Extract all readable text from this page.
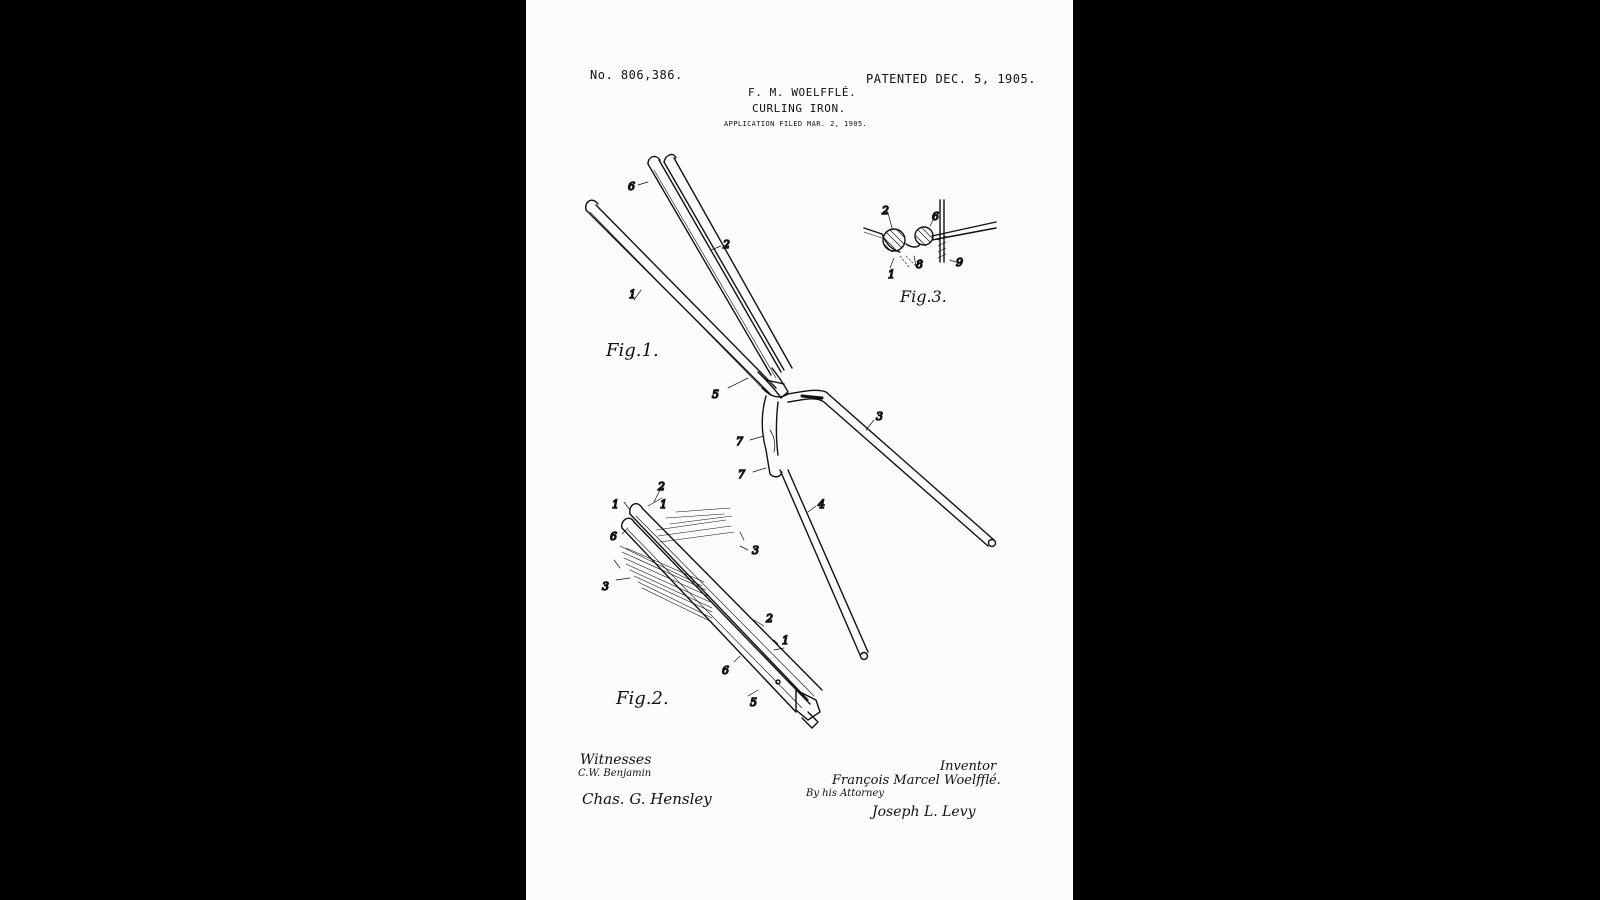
No. 806,386.	PATENTED DEC. 5, 1905.
F. M. WOELFFLÉ.
CURLING IRON.
APPLICATION FILED MAR. 2, 1905.
6
2
1
5
7
7
3
4
1
2
1
6
3
3
2
1
6
5
2	6
1
8	9
Fig.1.
Fig.2.
Fig.3.
Witnesses
C.W. Benjamin
Chas. G. Hensley
Inventor
François Marcel Woelfflé.
By his Attorney
Joseph L. Levy
